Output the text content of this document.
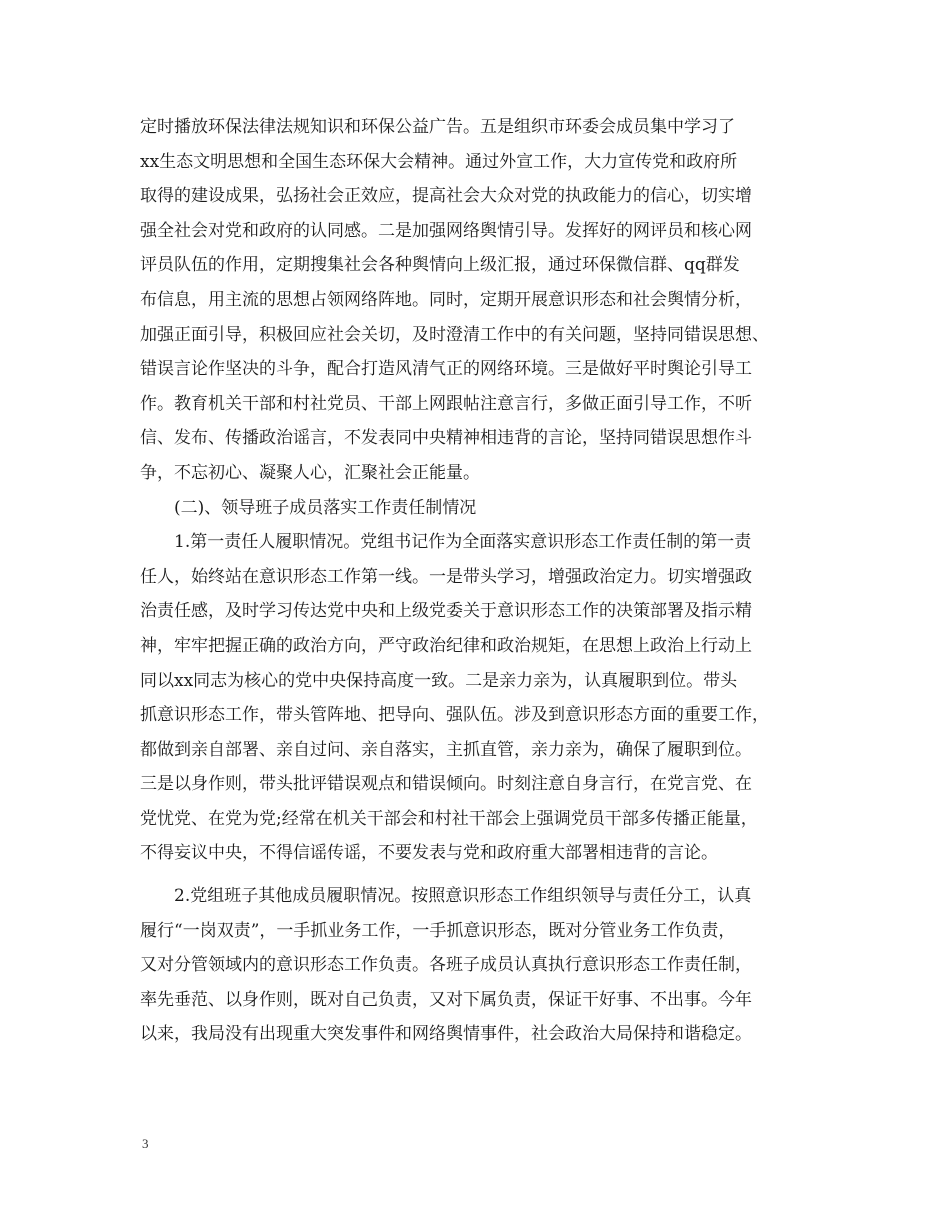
定时播放环保法律法规知识和环保公益广告。五是组织市环委会成员集中学习了
xx生态文明思想和全国生态环保大会精神。通过外宣工作，大力宣传党和政府所
取得的建设成果，弘扬社会正效应，提高社会大众对党的执政能力的信心，切实增
强全社会对党和政府的认同感。二是加强网络舆情引导。发挥好的网评员和核心网
评员队伍的作用，定期搜集社会各种舆情向上级汇报，通过环保微信群、qq群发
布信息，用主流的思想占领网络阵地。同时，定期开展意识形态和社会舆情分析，
加强正面引导，积极回应社会关切，及时澄清工作中的有关问题，坚持同错误思想、
错误言论作坚决的斗争，配合打造风清气正的网络环境。三是做好平时舆论引导工
作。教育机关干部和村社党员、干部上网跟帖注意言行，多做正面引导工作，不听
信、发布、传播政治谣言，不发表同中央精神相违背的言论，坚持同错误思想作斗
争，不忘初心、凝聚人心，汇聚社会正能量。
(二)、领导班子成员落实工作责任制情况
1.第一责任人履职情况。党组书记作为全面落实意识形态工作责任制的第一责
任人，始终站在意识形态工作第一线。一是带头学习，增强政治定力。切实增强政
治责任感，及时学习传达党中央和上级党委关于意识形态工作的决策部署及指示精
神，牢牢把握正确的政治方向，严守政治纪律和政治规矩，在思想上政治上行动上
同以xx同志为核心的党中央保持高度一致。二是亲力亲为，认真履职到位。带头
抓意识形态工作，带头管阵地、把导向、强队伍。涉及到意识形态方面的重要工作，
都做到亲自部署、亲自过问、亲自落实，主抓直管，亲力亲为，确保了履职到位。
三是以身作则，带头批评错误观点和错误倾向。时刻注意自身言行，在党言党、在
党忧党、在党为党;经常在机关干部会和村社干部会上强调党员干部多传播正能量，
不得妄议中央，不得信谣传谣，不要发表与党和政府重大部署相违背的言论。
2.党组班子其他成员履职情况。按照意识形态工作组织领导与责任分工，认真
履行“一岗双责”，一手抓业务工作，一手抓意识形态，既对分管业务工作负责，
又对分管领域内的意识形态工作负责。各班子成员认真执行意识形态工作责任制，
率先垂范、以身作则，既对自己负责，又对下属负责，保证干好事、不出事。今年
以来，我局没有出现重大突发事件和网络舆情事件，社会政治大局保持和谐稳定。
3
